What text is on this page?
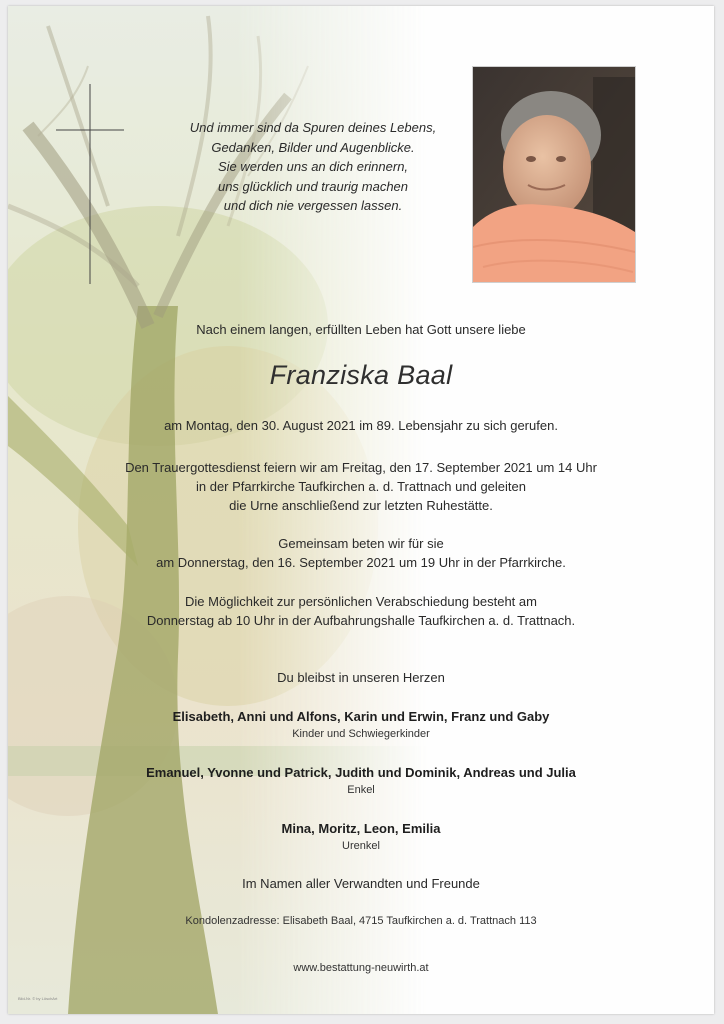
Und immer sind da Spuren deines Lebens,
Gedanken, Bilder und Augenblicke.
Sie werden uns an dich erinnern,
uns glücklich und traurig machen
und dich nie vergessen lassen.
Nach einem langen, erfüllten Leben hat Gott unsere liebe
Franziska Baal
am Montag, den 30. August 2021 im 89. Lebensjahr zu sich gerufen.
Den Trauergottesdienst feiern wir am Freitag, den 17. September 2021 um 14 Uhr
in der Pfarrkirche Taufkirchen a. d. Trattnach und geleiten
die Urne anschließend zur letzten Ruhestätte.
Gemeinsam beten wir für sie
am Donnerstag, den 16. September 2021 um 19 Uhr in der Pfarrkirche.
Die Möglichkeit zur persönlichen Verabschiedung besteht am
Donnerstag ab 10 Uhr in der Aufbahrungshalle Taufkirchen a. d. Trattnach.
Du bleibst in unseren Herzen
Elisabeth, Anni und Alfons, Karin und Erwin, Franz und Gaby
Kinder und Schwiegerkinder
Emanuel, Yvonne und Patrick, Judith und Dominik, Andreas und Julia
Enkel
Mina, Moritz, Leon, Emilia
Urenkel
Im Namen aller Verwandten und Freunde
Kondolenzadresse: Elisabeth Baal, 4715 Taufkirchen a. d. Trattnach 113
www.bestattung-neuwirth.at
Bild-Nr. © by LöschArt
